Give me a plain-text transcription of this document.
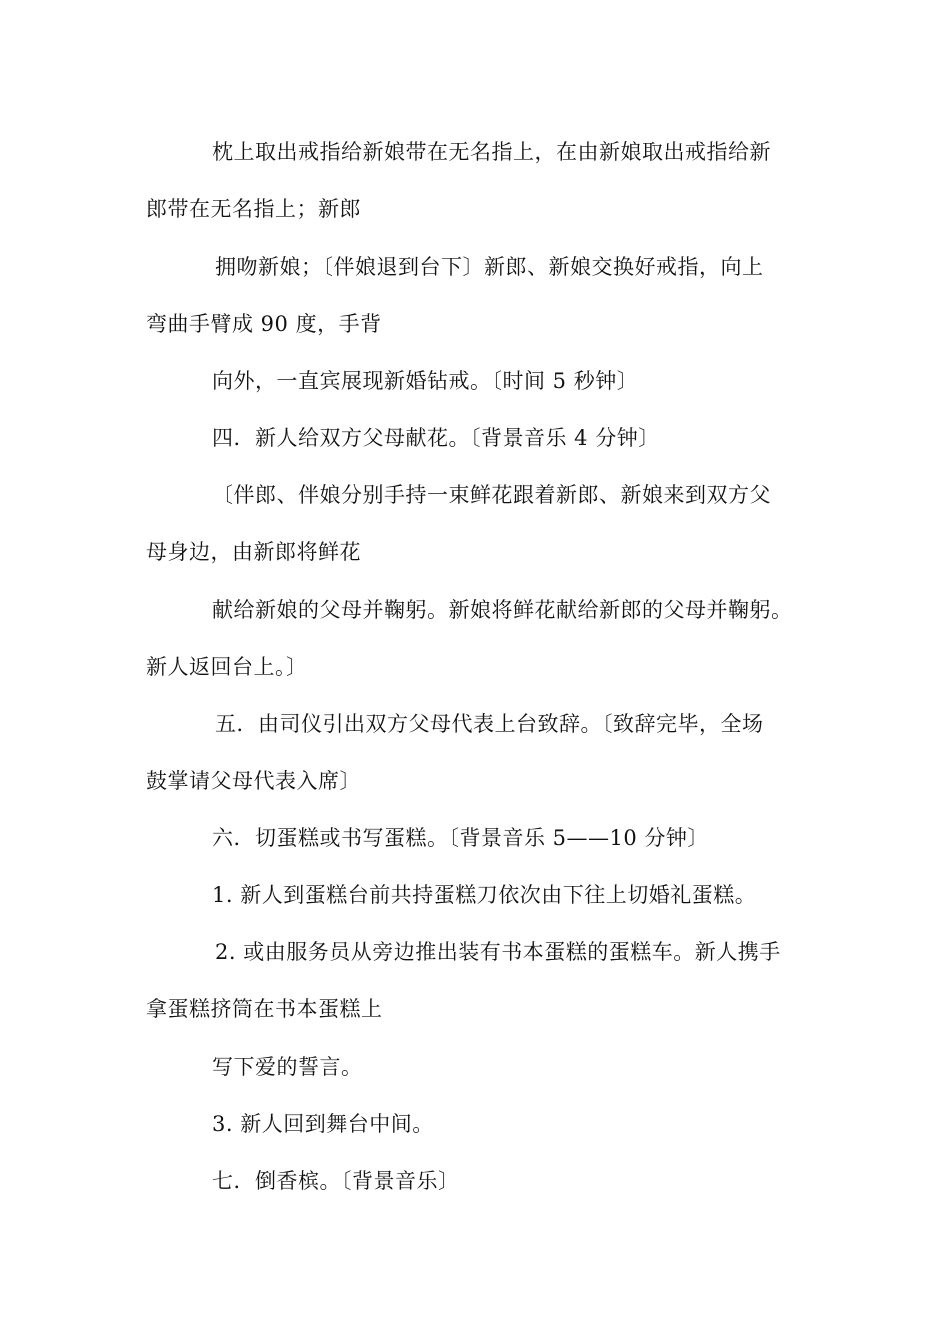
枕上取出戒指给新娘带在无名指上，在由新娘取出戒指给新
郎带在无名指上；新郎
拥吻新娘；〔伴娘退到台下〕新郎、新娘交换好戒指，向上
弯曲手臂成 90 度，手背
向外，一直宾展现新婚钻戒。〔时间 5 秒钟〕
四．新人给双方父母献花。〔背景音乐 4 分钟〕
〔伴郎、伴娘分别手持一束鲜花跟着新郎、新娘来到双方父
母身边，由新郎将鲜花
献给新娘的父母并鞠躬。新娘将鲜花献给新郎的父母并鞠躬。
新人返回台上。〕
五．由司仪引出双方父母代表上台致辞。〔致辞完毕，全场
鼓掌请父母代表入席〕
六．切蛋糕或书写蛋糕。〔背景音乐 5——10 分钟〕
1. 新人到蛋糕台前共持蛋糕刀依次由下往上切婚礼蛋糕。
2. 或由服务员从旁边推出装有书本蛋糕的蛋糕车。新人携手
拿蛋糕挤筒在书本蛋糕上
写下爱的誓言。
3. 新人回到舞台中间。
七．倒香槟。〔背景音乐〕
